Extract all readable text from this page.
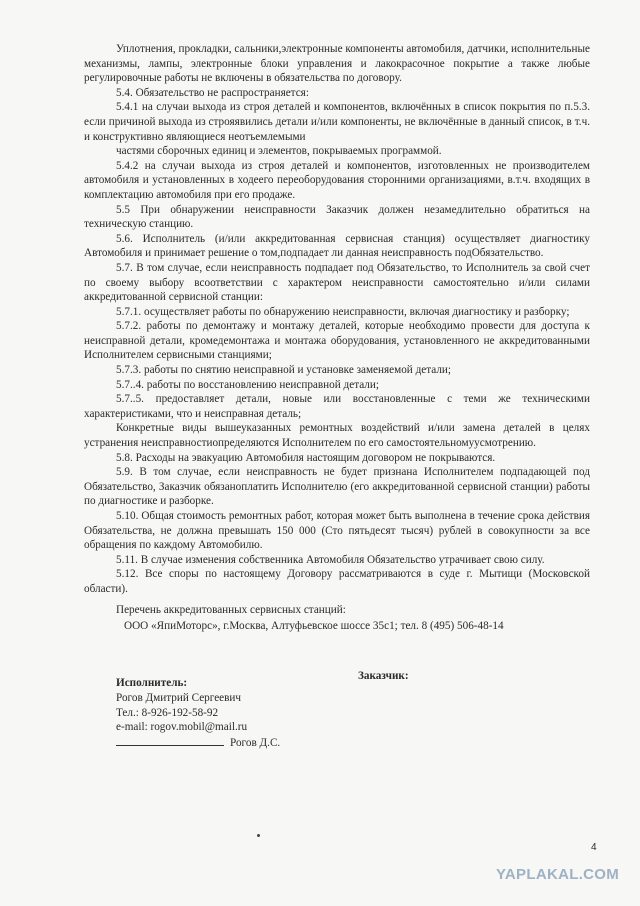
Уплотнения, прокладки, сальники,электронные компоненты автомобиля, датчики, исполнительные механизмы, лампы, электронные блоки управления и лакокрасочное покрытие а также любые регулировочные работы не включены в обязательства по договору.

5.4. Обязательство не распространяется:

5.4.1 на случаи выхода из строя деталей и компонентов, включённых в список покрытия по п.5.3. если причиной выхода из строяявились детали и/или компоненты, не включённые в данный список, в т.ч. и конструктивно являющиеся неотъемлемыми

частями сборочных единиц и элементов, покрываемых программой.

5.4.2 на случаи выхода из строя деталей и компонентов, изготовленных не производителем автомобиля и установленных в ходеего переоборудования сторонними организациями, в.т.ч. входящих в комплектацию автомобиля при его продаже.

5.5 При обнаружении неисправности Заказчик должен незамедлительно обратиться на техническую станцию.

5.6. Исполнитель (и/или аккредитованная сервисная станция) осуществляет диагностику Автомобиля и принимает решение о том,подпадает ли данная неисправность подОбязательство.

5.7. В том случае, если неисправность подпадает под Обязательство, то Исполнитель за свой счет по своему выбору всоответствии с характером неисправности самостоятельно и/или силами аккредитованной сервисной станции:

5.7.1. осуществляет работы по обнаружению неисправности, включая диагностику и разборку;

5.7.2. работы по демонтажу и монтажу деталей, которые необходимо провести для доступа к неисправной детали, кромедемонтажа и монтажа оборудования, установленного не аккредитованными Исполнителем сервисными станциями;

5.7.3. работы по снятию неисправной и установке заменяемой детали;

5.7..4. работы по восстановлению неисправной детали;

5.7..5. предоставляет детали, новые или восстановленные с теми же техническими характеристиками, что и неисправная деталь;

Конкретные виды вышеуказанных ремонтных воздействий и/или замена деталей в целях устранения неисправностиопределяются Исполнителем по его самостоятельномуусмотрению.

5.8. Расходы на эвакуацию Автомобиля настоящим договором не покрываются.

5.9. В том случае, если неисправность не будет признана Исполнителем подпадающей под Обязательство, Заказчик обязаноплатить Исполнителю (его аккредитованной сервисной станции) работы по диагностике и разборке.

5.10. Общая стоимость ремонтных работ, которая может быть выполнена в течение срока действия Обязательства, не должна превышать 150 000 (Сто пятьдесят тысяч) рублей в совокупности за все обращения по каждому Автомобилю.

5.11. В случае изменения собственника Автомобиля Обязательство утрачивает свою силу.

5.12. Все споры по настоящему Договору рассматриваются в суде г. Мытищи (Московской области).

Перечень аккредитованных сервисных станций:

ООО «ЯпиМоторс», г.Москва, Алтуфьевское шоссе 35с1; тел. 8 (495) 506-48-14

Заказчик:
Исполнитель:
Рогов Дмитрий Сергеевич
Тел.: 8-926-192-58-92
e-mail: rogov.mobil@mail.ru
Рогов Д.С.
4
YAPLAKAL.COM
